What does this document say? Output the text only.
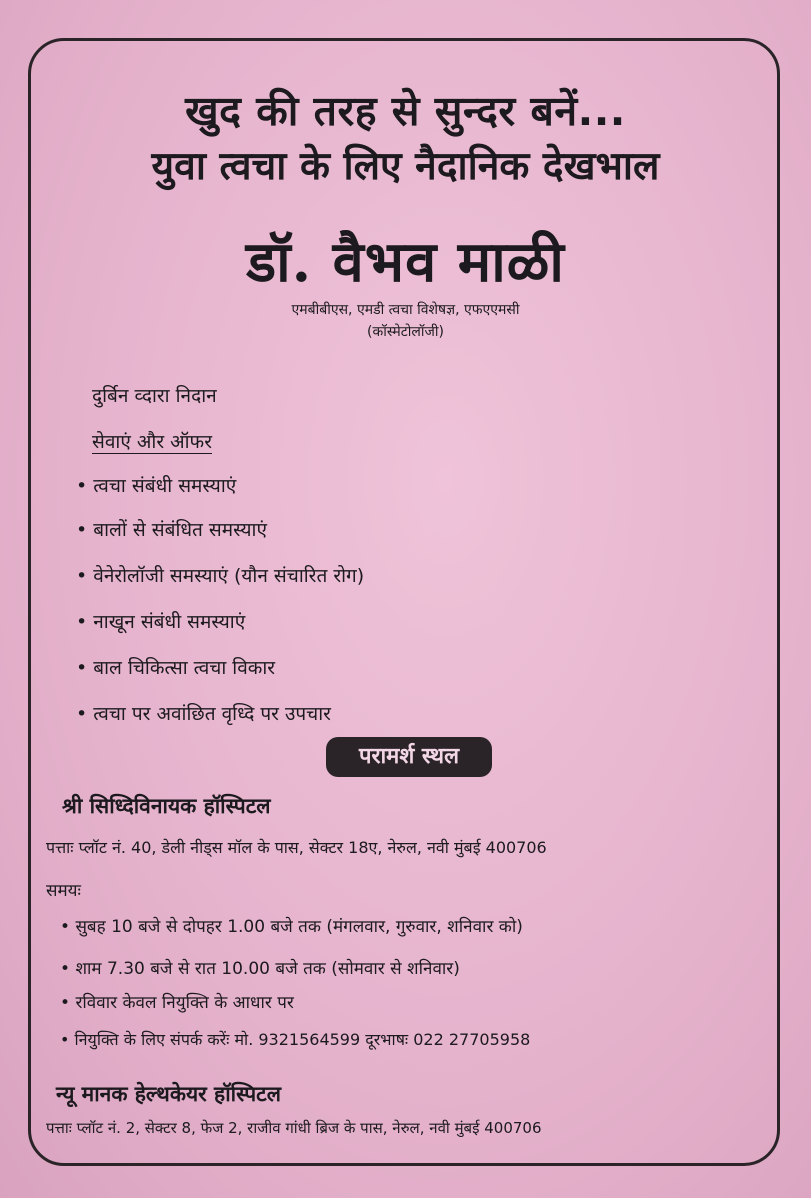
खुद की तरह से सुन्दर बनें...
युवा त्वचा के लिए नैदानिक देखभाल
डॉ. वैभव माळी
एमबीबीएस, एमडी त्वचा विशेषज्ञ, एफएएमसी
(कॉस्मेटोलॉजी)
दुर्बिन व्दारा निदान
सेवाएं और ऑफर
• त्वचा संबंधी समस्याएं
• बालों से संबंधित समस्याएं
• वेनेरोलॉजी समस्याएं (यौन संचारित रोग)
• नाखून संबंधी समस्याएं
• बाल चिकित्सा त्वचा विकार
• त्वचा पर अवांछित वृध्दि पर उपचार
परामर्श स्थल
श्री सिध्दिविनायक हॉस्पिटल
पत्ताः प्लॉट नं. 40, डेली नीड्स मॉल के पास, सेक्टर 18ए, नेरुल, नवी मुंबई 400706
समयः
• सुबह 10 बजे से दोपहर 1.00 बजे तक (मंगलवार, गुरुवार, शनिवार को)
• शाम 7.30 बजे से रात 10.00 बजे तक (सोमवार से शनिवार)
• रविवार केवल नियुक्ति के आधार पर
• नियुक्ति के लिए संपर्क करेंः मो. 9321564599 दूरभाषः 022 27705958
न्यू मानक हेल्थकेयर हॉस्पिटल
पत्ताः प्लॉट नं. 2, सेक्टर 8, फेज 2, राजीव गांधी ब्रिज के पास, नेरुल, नवी मुंबई 400706
